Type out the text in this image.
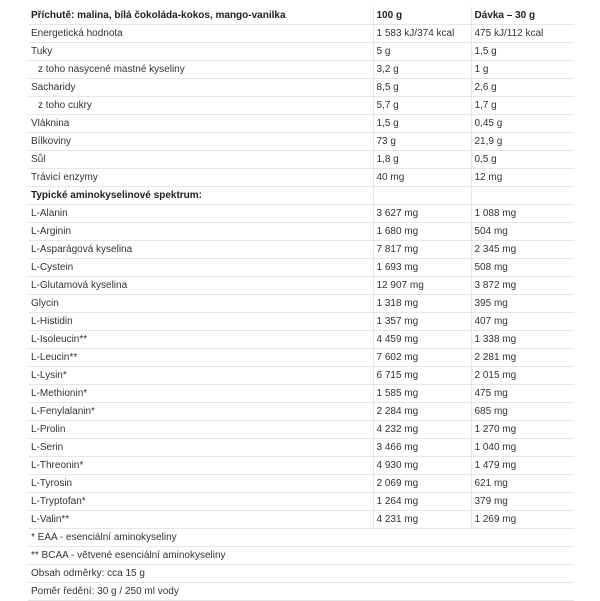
Příchutě: malina, bílá čokoláda-kokos, mango-vanilka	100 g	Dávka – 30 g
Energetická hodnota	1 583 kJ/374 kcal	475 kJ/112 kcal
Tuky	5 g	1,5 g
z toho nasycené mastné kyseliny	3,2 g	1 g
Sacharidy	8,5 g	2,6 g
z toho cukry	5,7 g	1,7 g
Vláknina	1,5 g	0,45 g
Bílkoviny	73 g	21,9 g
Sůl	1,8 g	0,5 g
Trávicí enzymy	40 mg	12 mg
Typické aminokyselinové spektrum:		
L-Alanin	3 627 mg	1 088 mg
L-Arginin	1 680 mg	504 mg
L-Asparágová kyselina	7 817 mg	2 345 mg
L-Cystein	1 693 mg	508 mg
L-Glutamová kyselina	12 907 mg	3 872 mg
Glycin	1 318 mg	395 mg
L-Histidin	1 357 mg	407 mg
L-Isoleucin**	4 459 mg	1 338 mg
L-Leucin**	7 602 mg	2 281 mg
L-Lysin*	6 715 mg	2 015 mg
L-Methionin*	1 585 mg	475 mg
L-Fenylalanin*	2 284 mg	685 mg
L-Prolin	4 232 mg	1 270 mg
L-Serin	3 466 mg	1 040 mg
L-Threonin*	4 930 mg	1 479 mg
L-Tyrosin	2 069 mg	621 mg
L-Tryptofan*	1 264 mg	379 mg
L-Valin**	4 231 mg	1 269 mg
* EAA - esenciální aminokyseliny		
** BCAA - větvené esenciální aminokyseliny		
Obsah odměrky: cca 15 g		
Poměr ředění: 30 g / 250 ml vody		
